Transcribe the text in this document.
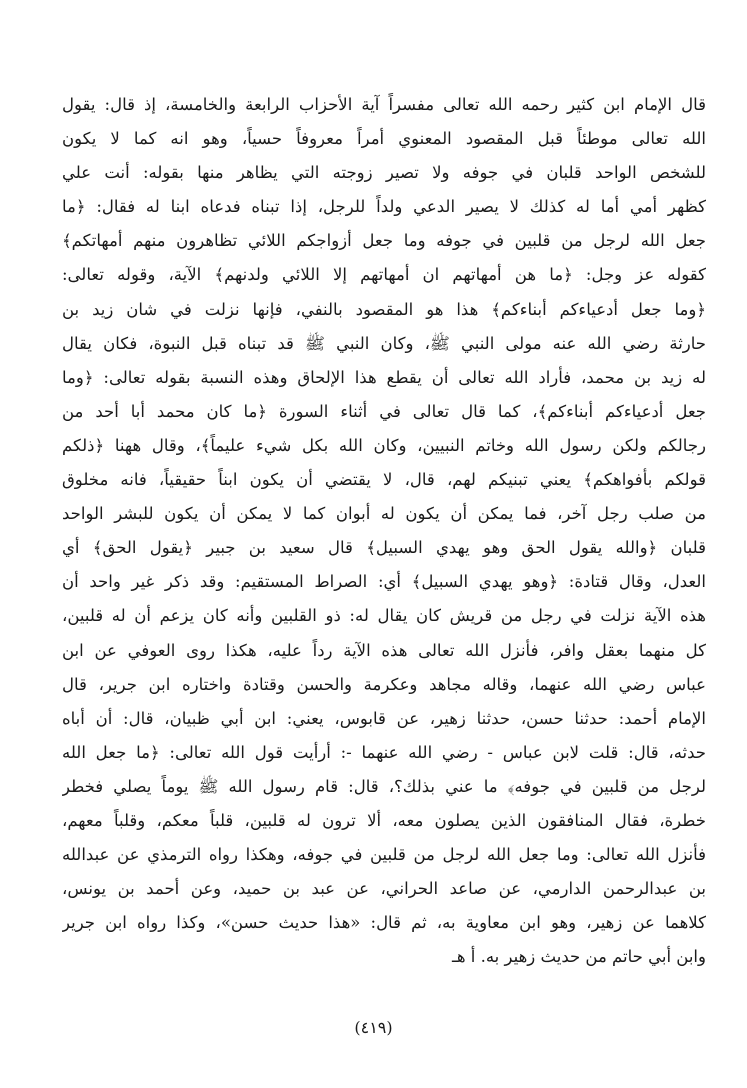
قال الإمام ابن كثير رحمه الله تعالى مفسراً آية الأحزاب الرابعة والخامسة، إذ قال: يقول
الله تعالى موطئاً قبل المقصود المعنوي أمراً معروفاً حسياً، وهو انه كما لا يكون
للشخص الواحد قلبان في جوفه ولا تصير زوجته التي يظاهر منها بقوله: أنت علي
كظهر أمي أما له كذلك لا يصير الدعي ولداً للرجل، إذا تبناه فدعاه ابنا له فقال: ﴿ما
جعل الله لرجل من قلبين في جوفه وما جعل أزواجكم اللائي تظاهرون منهم أمهاتكم﴾
كقوله عز وجل: ﴿ما هن أمهاتهم ان أمهاتهم إلا اللائي ولدنهم﴾ الآية، وقوله تعالى:
﴿وما جعل أدعياءكم أبناءكم﴾ هذا هو المقصود بالنفي، فإنها نزلت في شان زيد بن
حارثة رضي الله عنه مولى النبي ﷺ، وكان النبي ﷺ قد تبناه قبل النبوة، فكان يقال
له زيد بن محمد، فأراد الله تعالى أن يقطع هذا الإلحاق وهذه النسبة بقوله تعالى: ﴿وما
جعل أدعياءكم أبناءكم﴾، كما قال تعالى في أثناء السورة ﴿ما كان محمد أبا أحد من
رجالكم ولكن رسول الله وخاتم النبيين، وكان الله بكل شيء عليماً﴾، وقال ههنا ﴿ذلكم
قولكم بأفواهكم﴾ يعني تبنيكم لهم، قال، لا يقتضي أن يكون ابناً حقيقياً، فانه مخلوق
من صلب رجل آخر، فما يمكن أن يكون له أبوان كما لا يمكن أن يكون للبشر الواحد
قلبان ﴿والله يقول الحق وهو يهدي السبيل﴾ قال سعيد بن جبير ﴿يقول الحق﴾ أي
العدل، وقال قتادة: ﴿وهو يهدي السبيل﴾ أي: الصراط المستقيم: وقد ذكر غير واحد أن
هذه الآية نزلت في رجل من قريش كان يقال له: ذو القلبين وأنه كان يزعم أن له قلبين،
كل منهما بعقل وافر، فأنزل الله تعالى هذه الآية رداً عليه، هكذا روى العوفي عن ابن
عباس رضي الله عنهما، وقاله مجاهد وعكرمة والحسن وقتادة واختاره ابن جرير، قال
الإمام أحمد: حدثنا حسن، حدثنا زهير، عن قابوس، يعني: ابن أبي ظبيان، قال: أن أباه
حدثه، قال: قلت لابن عباس - رضي الله عنهما -: أرأيت قول الله تعالى: ﴿ما جعل الله
لرجل من قلبين في جوفه﴾ ما عني بذلك؟، قال: قام رسول الله ﷺ يوماً يصلي فخطر
خطرة، فقال المنافقون الذين يصلون معه، ألا ترون له قلبين، قلباً معكم، وقلباً معهم،
فأنزل الله تعالى: وما جعل الله لرجل من قلبين في جوفه، وهكذا رواه الترمذي عن عبدالله
بن عبدالرحمن الدارمي، عن صاعد الحراني، عن عبد بن حميد، وعن أحمد بن يونس،
كلاهما عن زهير، وهو ابن معاوية به، ثم قال: «هذا حديث حسن»، وكذا رواه ابن جرير
وابن أبي حاتم من حديث زهير به. أ هـ
(٤١٩)
